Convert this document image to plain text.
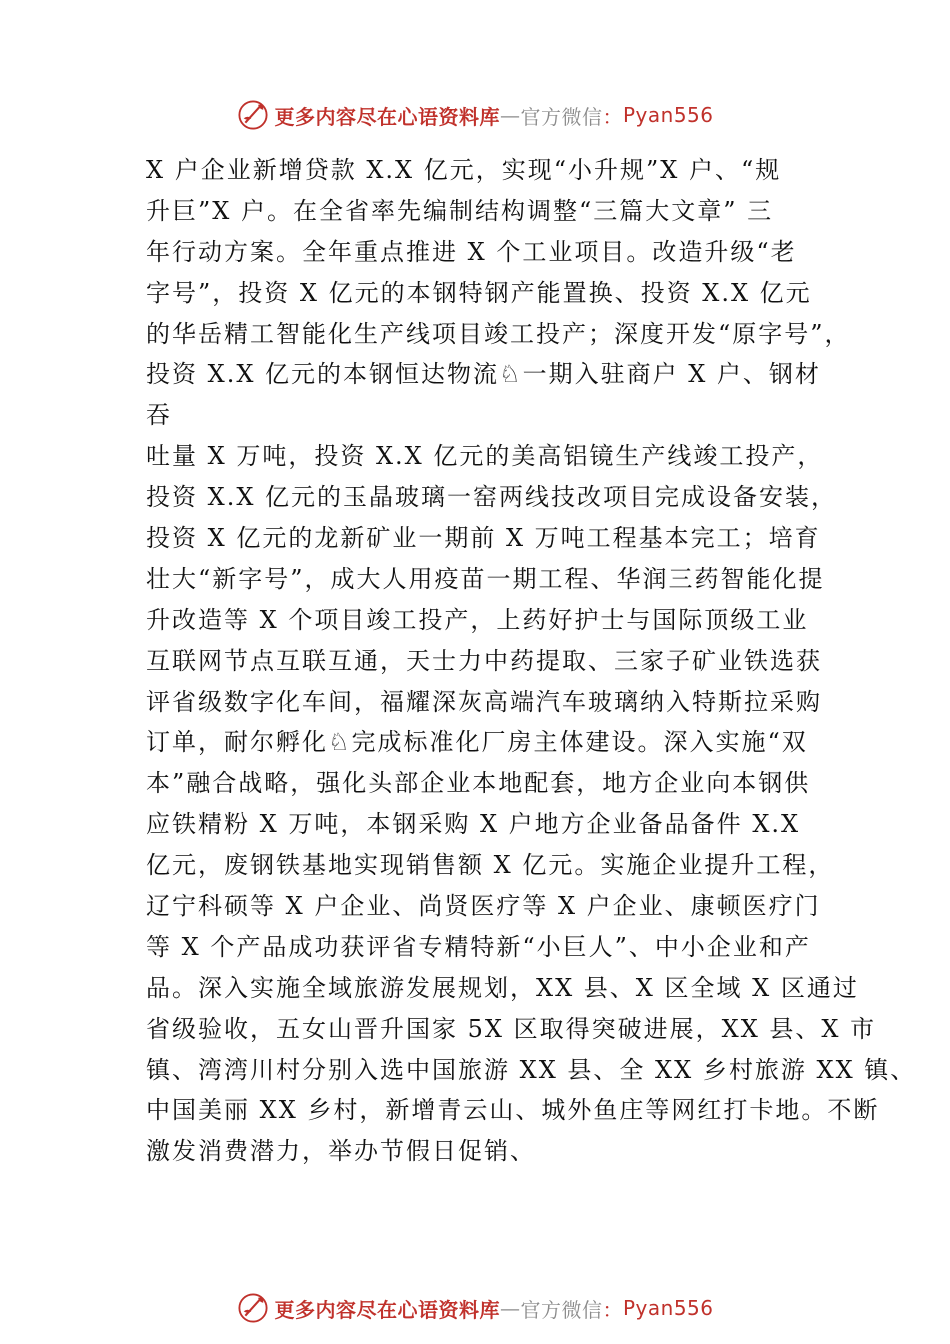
更多内容尽在心语资料库 — 官方微信 ： Pyan556
X 户企业新增贷款 X.X 亿元，实现“小升规”X 户、“规
升巨”X 户。在全省率先编制结构调整“三篇大文章” 三
年行动方案。全年重点推进 X 个工业项目。改造升级“老
字号”，投资 X 亿元的本钢特钢产能置换、投资 X.X 亿元
的华岳精工智能化生产线项目竣工投产；深度开发“原字号”，
投资 X.X 亿元的本钢恒达物流♘一期入驻商户 X 户、钢材
吞
吐量 X 万吨，投资 X.X 亿元的美高铝镜生产线竣工投产，
投资 X.X 亿元的玉晶玻璃一窑两线技改项目完成设备安装，
投资 X 亿元的龙新矿业一期前 X 万吨工程基本完工；培育
壮大“新字号”，成大人用疫苗一期工程、华润三药智能化提
升改造等 X 个项目竣工投产，上药好护士与国际顶级工业
互联网节点互联互通，天士力中药提取、三家子矿业铁选获
评省级数字化车间，福耀深灰高端汽车玻璃纳入特斯拉采购
订单，耐尔孵化♘完成标准化厂房主体建设。深入实施“双
本”融合战略，强化头部企业本地配套，地方企业向本钢供
应铁精粉 X 万吨，本钢采购 X 户地方企业备品备件 X.X
亿元，废钢铁基地实现销售额 X 亿元。实施企业提升工程，
辽宁科硕等 X 户企业、尚贤医疗等 X 户企业、康顿医疗门
等 X 个产品成功获评省专精特新“小巨人”、中小企业和产
品。深入实施全域旅游发展规划，XX 县、X 区全域 X 区通过
省级验收，五女山晋升国家 5X 区取得突破进展，XX 县、X 市
镇、湾湾川村分别入选中国旅游 XX 县、全 XX 乡村旅游 XX 镇、
中国美丽 XX 乡村，新增青云山、城外鱼庄等网红打卡地。不断
激发消费潜力，举办节假日促销、
更多内容尽在心语资料库 — 官方微信 ： Pyan556
